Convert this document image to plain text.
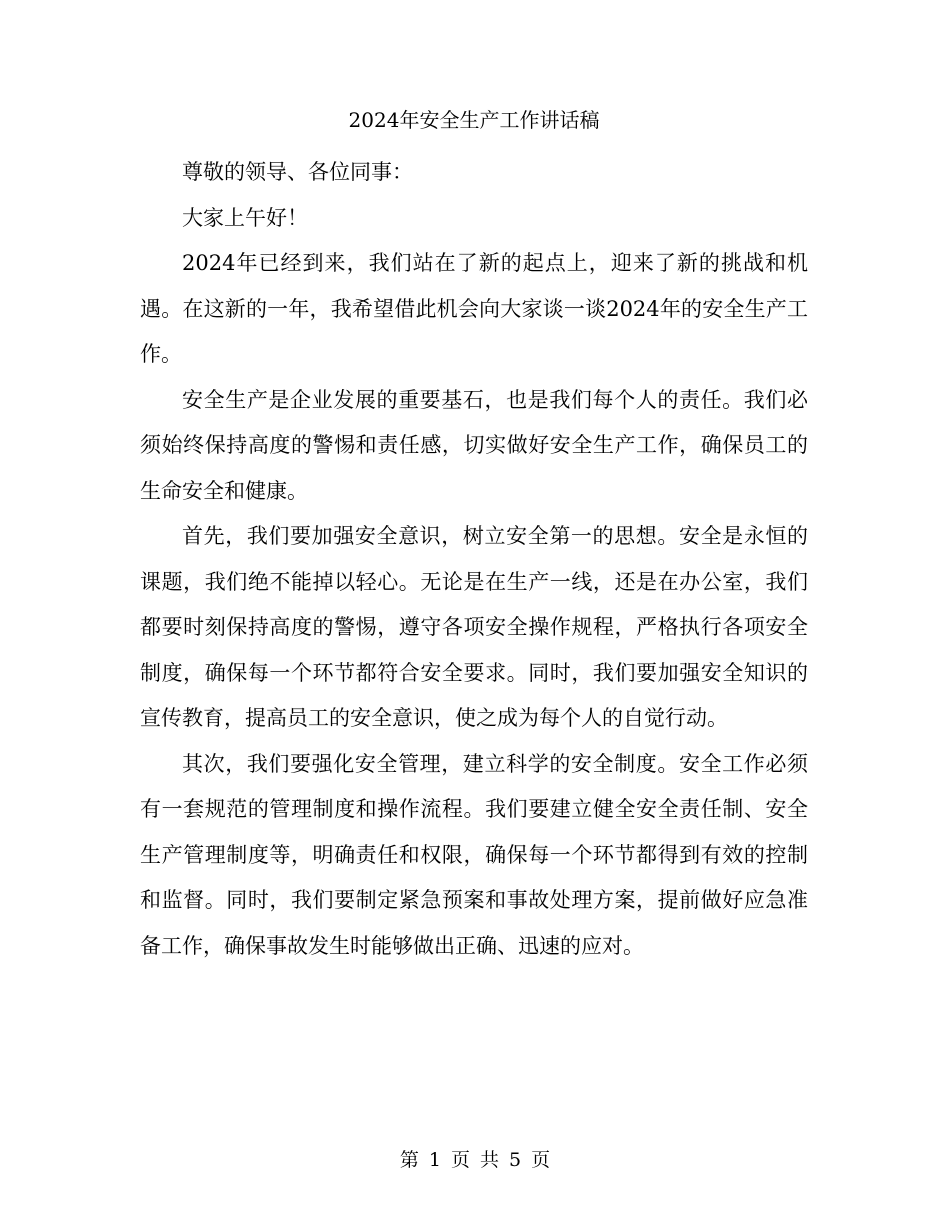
2024年安全生产工作讲话稿

尊敬的领导、各位同事：

大家上午好！

2024年已经到来，我们站在了新的起点上，迎来了新的挑战和机遇。在这新的一年，我希望借此机会向大家谈一谈2024年的安全生产工作。

安全生产是企业发展的重要基石，也是我们每个人的责任。我们必须始终保持高度的警惕和责任感，切实做好安全生产工作，确保员工的生命安全和健康。

首先，我们要加强安全意识，树立安全第一的思想。安全是永恒的课题，我们绝不能掉以轻心。无论是在生产一线，还是在办公室，我们都要时刻保持高度的警惕，遵守各项安全操作规程，严格执行各项安全制度，确保每一个环节都符合安全要求。同时，我们要加强安全知识的宣传教育，提高员工的安全意识，使之成为每个人的自觉行动。

其次，我们要强化安全管理，建立科学的安全制度。安全工作必须有一套规范的管理制度和操作流程。我们要建立健全安全责任制、安全生产管理制度等，明确责任和权限，确保每一个环节都得到有效的控制和监督。同时，我们要制定紧急预案和事故处理方案，提前做好应急准备工作，确保事故发生时能够做出正确、迅速的应对。

第 1 页 共 5 页
